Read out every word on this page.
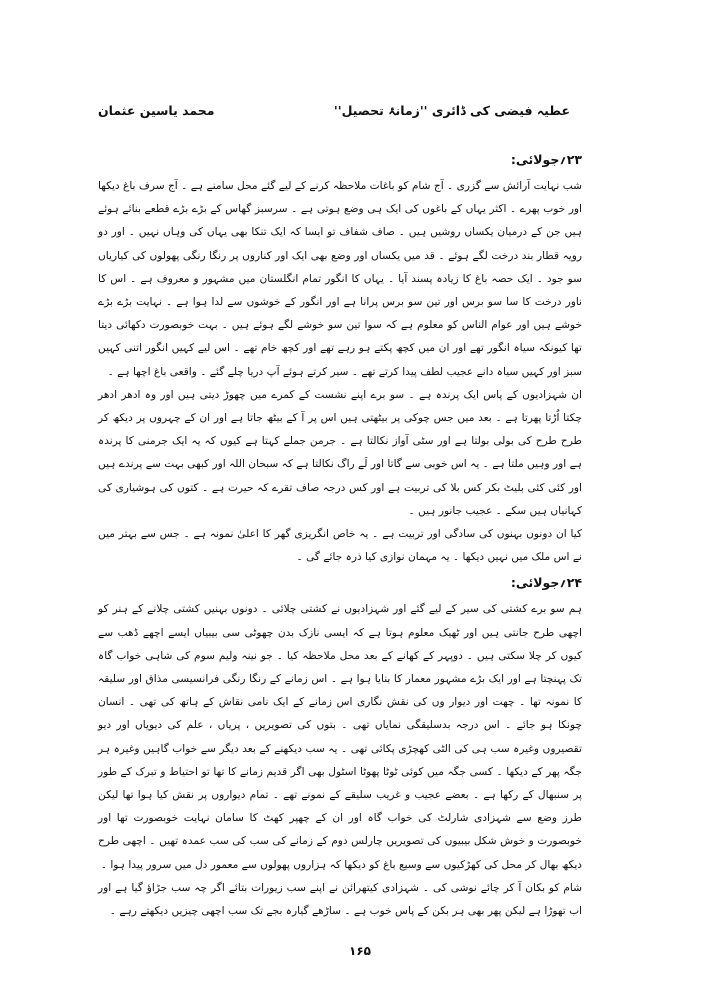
عطیہ فیضی کی ڈائری ''زمانۂ تحصیل''
محمد یاسین عثمان
۲۳؍جولائی:

شب نہایت آرائش سے گزری ۔ آج شام کو باغات ملاحظہ کرنے کے لیے گئے محل سامنے ہے ۔ آج سرف باغ دیکھا اور خوب پھرے ۔ اکثر یہاں کے باغوں کی ایک ہی وضع ہوتی ہے ۔ سرسبز گھاس کے بڑے بڑے قطعے بنائے ہوئے ہیں جن کے درمیان یکساں روشیں ہیں ۔ صاف شفاف تو ایسا کہ ایک تنکا بھی یہاں کی وہاں نہیں ۔ اور دو رویہ قطار بند درخت لگے ہوئے ۔ قد میں یکساں اور وضع بھی ایک اور کناروں پر رنگا رنگی پھولوں کی کیاریاں سو جود ۔ ایک حصہ باغ کا زیادہ پسند آیا ۔ یہاں کا انگور تمام انگلستان میں مشہور و معروف ہے ۔ اس کا ناور درخت کا سا سو برس اور تین سو برس پرانا ہے اور انگور کے خوشوں سے لدا ہوا ہے ۔ نہایت بڑے بڑے خوشے ہیں اور عوام الناس کو معلوم ہے کہ سوا تین سو خوشے لگے ہوئے ہیں ۔ بہت خوبصورت دکھائی دیتا تھا کیونکہ سیاہ انگور تھے اور ان میں کچھ پکتے ہو رہے تھے اور کچھ خام تھے ۔ اس لیے کہیں انگور اتنی کہیں سبز اور کہیں سیاہ دانے عجیب لطف پیدا کرتے تھے ۔ سیر کرتے ہوئے آپ دریا چلے گئے ۔ واقعی باغ اچھا ہے ۔

ان شہزادیوں کے پاس ایک پرندہ ہے ۔ سو برے اپنے نشست کے کمرے میں چھوڑ دیتی ہیں اور وہ ادھر ادھر چکتا اُڑتا پھرتا ہے ۔ بعد میں جس چوکی پر بیٹھتی ہیں اس پر آ کے بیٹھ جاتا ہے اور ان کے چہروں پر دیکھ کر طرح طرح کی بولی بولتا ہے اور سٹی آواز نکالتا ہے ۔ جرمن جملے کہتا ہے کیوں کہ یہ ایک جرمنی کا پرندہ ہے اور وہیں ملتا ہے ۔ یہ اس خوبی سے گاتا اور لَے راگ نکالتا ہے کہ سبحان اللہ اور کبھی بہت سے پرندے ہیں اور کئی کئی بلیٹ بکر کس بلا کی تربیت ہے اور کس درجہ صاف تقرے کہ حیرت ہے ۔ کتوں کی ہوشیاری کی کہانیاں ہیں سکے ۔ عجیب جانور ہیں ۔

کیا ان دونوں بہنوں کی سادگی اور تربیت ہے ۔ یہ خاص انگریزی گھر کا اعلیٰ نمونہ ہے ۔ جس سے بہتر میں نے اس ملک میں نہیں دیکھا ۔ یہ مہمان نوازی کیا ذرہ جائے گی ۔

۲۴؍جولائی:

ہم سو برے کشتی کی سیر کے لیے گئے اور شہزادیوں نے کشتی چلائی ۔ دونوں بہنیں کشتی چلانے کے ہنر کو اچھی طرح جانتی ہیں اور ٹھیک معلوم ہوتا ہے کہ ایسی نازک بدن چھوٹی سی بیبیاں ایسے اچھے ڈھب سے کیوں کر چلا سکتی ہیں ۔ دوپہر کے کھانے کے بعد محل ملاحظہ کیا ۔ جو نینہ ولیم سوم کی شاہی خواب گاہ تک پہنچتا ہے اور ایک بڑے مشہور معمار کا بنایا ہوا ہے ۔ اس زمانے کے رنگا رنگی فرانسیسی مذاق اور سلیقہ کا نمونہ تھا ۔ چھت اور دیوار وں کی نقش نگاری اس زمانے کے ایک نامی نقاش کے ہاتھ کی تھی ۔ انسان چونکا ہو جائے ۔ اس درجہ بدسلیقگی نمایاں تھی ۔ بتوں کی تصویریں ، پریاں ، علم کی دیویاں اور دیو تقصیروں وغیرہ سب ہی کی الٹی کھچڑی پکائی تھی ۔ یہ سب دیکھنے کے بعد دیگر سے خواب گاہیں وغیرہ ہر جگہ پھر کے دیکھا ۔ کسی جگہ میں کوئی ٹوٹا پھوٹا اسٹول بھی اگر قدیم زمانے کا تھا تو احتیاط و تبرک کے طور پر سنبھال کے رکھا ہے ۔ بعضے عجیب و غریب سلیقے کے نمونے تھے ۔ تمام دیواروں پر نقش کیا ہوا تھا لیکن طرز وضع سے شہزادی شارلٹ کی خواب گاہ اور ان کے چھپر کھٹ کا سامان نہایت خوبصورت تھا اور خوبصورت و خوش شکل بیبیوں کی تصویریں چارلس دوم کے زمانے کی سب کی سب عمدہ تھیں ۔ اچھی طرح دیکھ بھال کر محل کی کھڑکیوں سے وسیع باغ کو دیکھا کہ ہزاروں پھولوں سے معمور دل میں سرور پیدا ہوا ۔

شام کو بکان آ کر چائے نوشی کی ۔ شہزادی کیتھرائن نے اپنے سب زیورات بتائے اگر چہ سب جڑاؤ گیا ہے اور اب تھوڑا ہے لیکن پھر بھی ہر بکن کے پاس خوب ہے ۔ ساڑھے گیارہ بجے تک سب اچھی چیزیں دیکھتے رہے ۔

۱۶۵
